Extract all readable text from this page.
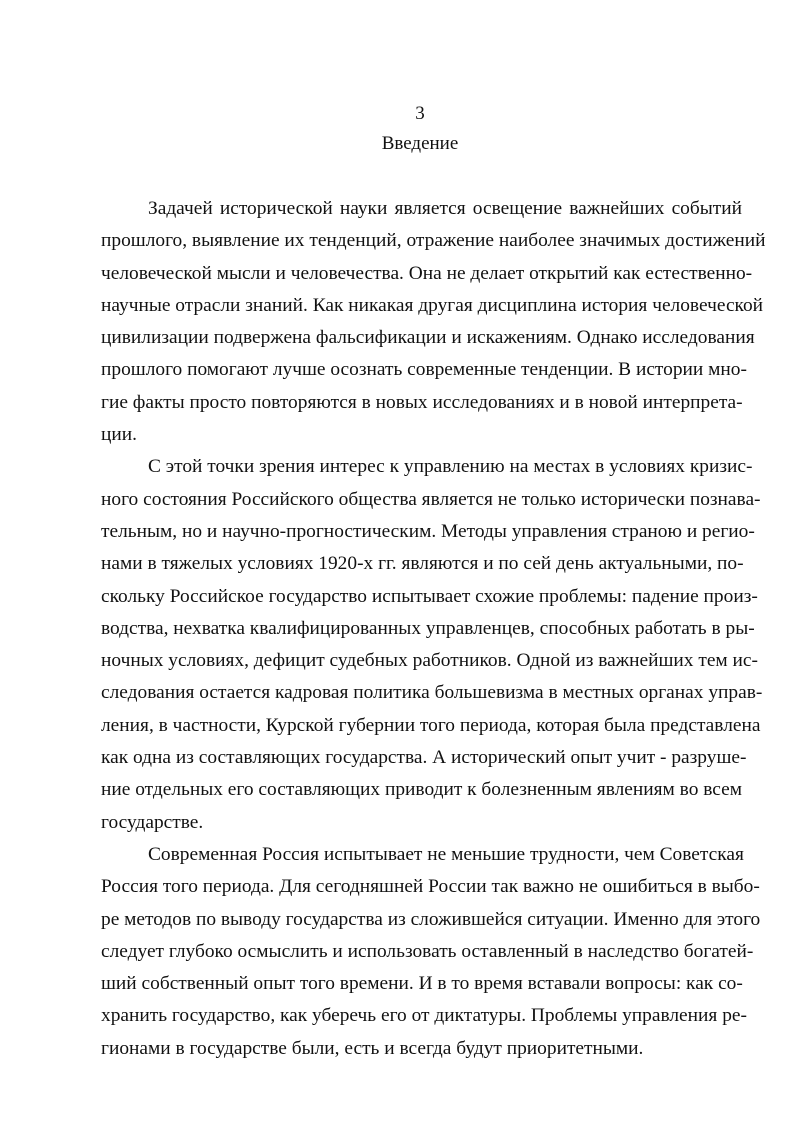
3
Введение
Задачей исторической науки является освещение важнейших событий
прошлого, выявление их тенденций, отражение наиболее значимых достижений
человеческой мысли и человечества. Она не делает открытий как естественно-
научные отрасли знаний. Как никакая другая дисциплина история человеческой
цивилизации подвержена фальсификации и искажениям. Однако исследования
прошлого помогают лучше осознать современные тенденции. В истории мно-
гие факты просто повторяются в новых исследованиях и в новой интерпрета-
ции.
С этой точки зрения интерес к управлению на местах в условиях кризис-
ного состояния Российского общества является не только исторически познава-
тельным, но и научно-прогностическим. Методы управления страною и регио-
нами в тяжелых условиях 1920-х гг. являются и по сей день актуальными, по-
скольку Российское государство испытывает схожие проблемы: падение произ-
водства, нехватка квалифицированных управленцев, способных работать в ры-
ночных условиях, дефицит судебных работников. Одной из важнейших тем ис-
следования остается кадровая политика большевизма в местных органах управ-
ления, в частности, Курской губернии того периода, которая была представлена
как одна из составляющих государства. А исторический опыт учит - разруше-
ние отдельных его составляющих приводит к болезненным явлениям во всем
государстве.
Современная Россия испытывает не меньшие трудности, чем Советская
Россия того периода. Для сегодняшней России так важно не ошибиться в выбо-
ре методов по выводу государства из сложившейся ситуации. Именно для этого
следует глубоко осмыслить и использовать оставленный в наследство богатей-
ший собственный опыт того времени. И в то время вставали вопросы: как со-
хранить государство, как уберечь его от диктатуры. Проблемы управления ре-
гионами в государстве были, есть и всегда будут приоритетными.
